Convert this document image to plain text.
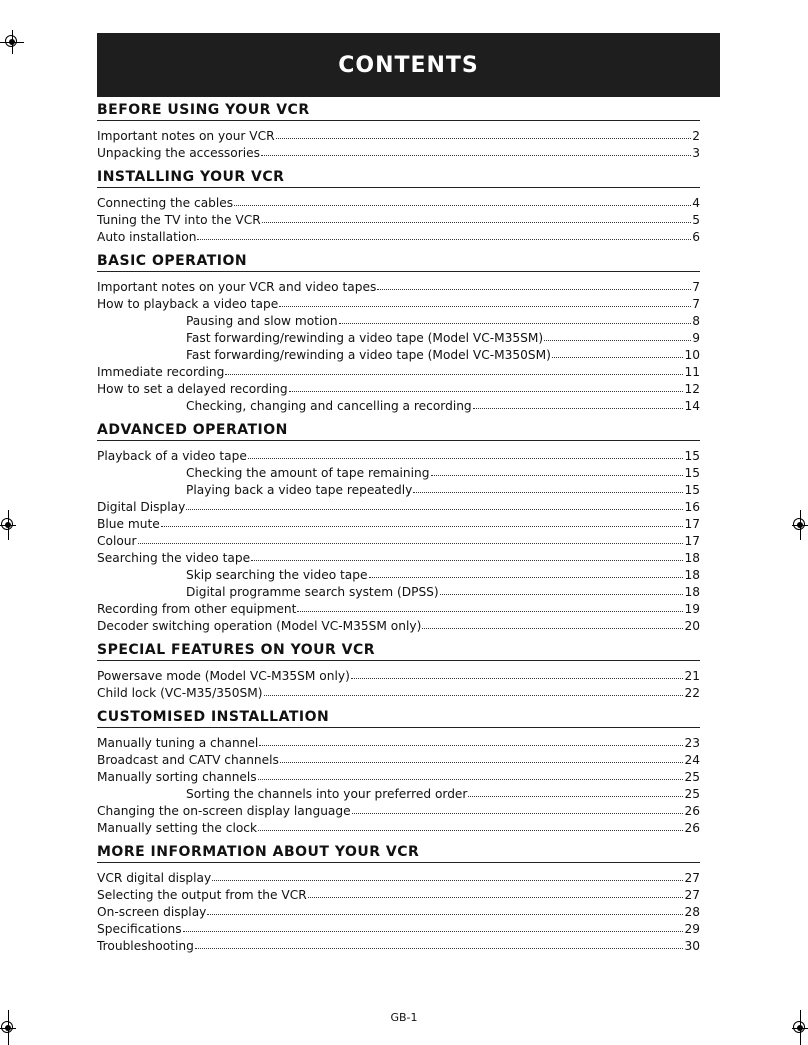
CONTENTS
BEFORE USING YOUR VCR
Important notes on your VCR	2
Unpacking the accessories	3
INSTALLING YOUR VCR
Connecting the cables	4
Tuning the TV into the VCR	5
Auto installation	6
BASIC OPERATION
Important notes on your VCR and video tapes	7
How to playback a video tape	7
Pausing and slow motion	8
Fast forwarding/rewinding a video tape (Model VC-M35SM)	9
Fast forwarding/rewinding a video tape (Model VC-M350SM)	10
Immediate recording	11
How to set a delayed recording	12
Checking, changing and cancelling a recording	14
ADVANCED OPERATION
Playback of a video tape	15
Checking the amount of tape remaining	15
Playing back a video tape repeatedly	15
Digital Display	16
Blue mute	17
Colour	17
Searching the video tape	18
Skip searching the video tape	18
Digital programme search system (DPSS)	18
Recording from other equipment	19
Decoder switching operation (Model VC-M35SM only)	20
SPECIAL FEATURES ON YOUR VCR
Powersave mode (Model VC-M35SM only)	21
Child lock (VC-M35/350SM)	22
CUSTOMISED INSTALLATION
Manually tuning a channel	23
Broadcast and CATV channels	24
Manually sorting channels	25
Sorting the channels into your preferred order	25
Changing the on-screen display language	26
Manually setting the clock	26
MORE INFORMATION ABOUT YOUR VCR
VCR digital display	27
Selecting the output from the VCR	27
On-screen display	28
Specifications	29
Troubleshooting	30
GB-1
